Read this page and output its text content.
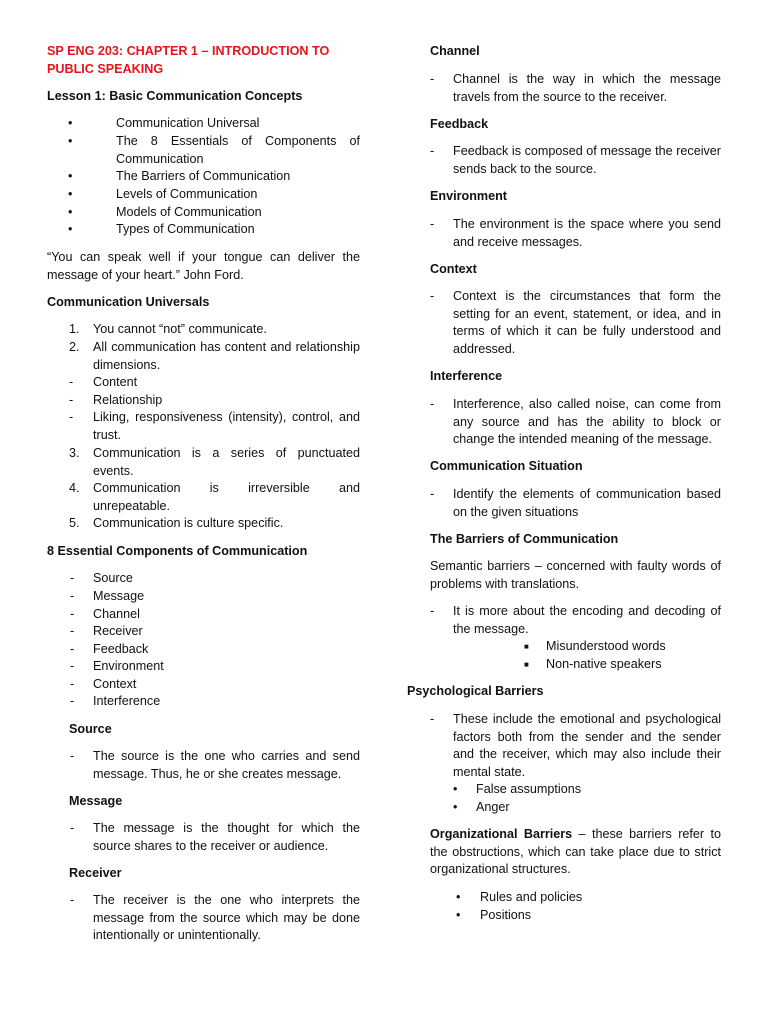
SP ENG 203: CHAPTER 1 – INTRODUCTION TO PUBLIC SPEAKING
Lesson 1: Basic Communication Concepts
•	Communication Universal
•	The 8 Essentials of Components of Communication
•	The Barriers of Communication
•	Levels of Communication
•	Models of Communication
•	Types of Communication
“You can speak well if your tongue can deliver the message of your heart.” John Ford.
Communication Universals
1. You cannot “not” communicate.
2. All communication has content and relationship dimensions.
- Content
- Relationship
- Liking, responsiveness (intensity), control, and trust.
3. Communication is a series of punctuated events.
4. Communication is irreversible and unrepeatable.
5. Communication is culture specific.
8 Essential Components of Communication
-	Source
-	Message
-	Channel
-	Receiver
-	Feedback
-	Environment
-	Context
-	Interference
Source
-	The source is the one who carries and send message. Thus, he or she creates message.
Message
-	The message is the thought for which the source shares to the receiver or audience.
Receiver
-	The receiver is the one who interprets the message from the source which may be done intentionally or unintentionally.
Channel
-	Channel is the way in which the message travels from the source to the receiver.
Feedback
-	Feedback is composed of message the receiver sends back to the source.
Environment
-	The environment is the space where you send and receive messages.
Context
-	Context is the circumstances that form the setting for an event, statement, or idea, and in terms of which it can be fully understood and addressed.
Interference
-	Interference, also called noise, can come from any source and has the ability to block or change the intended meaning of the message.
Communication Situation
-	Identify the elements of communication based on the given situations
The Barriers of Communication
Semantic barriers – concerned with faulty words of problems with translations.
-	It is more about the encoding and decoding of the message.
■	Misunderstood words
■	Non-native speakers
Psychological Barriers
-	These include the emotional and psychological factors both from the sender and the sender and the receiver, which may also include their mental state.
•	False assumptions
•	Anger
Organizational Barriers – these barriers refer to the obstructions, which can take place due to strict organizational structures.
•	Rules and policies
•	Positions
